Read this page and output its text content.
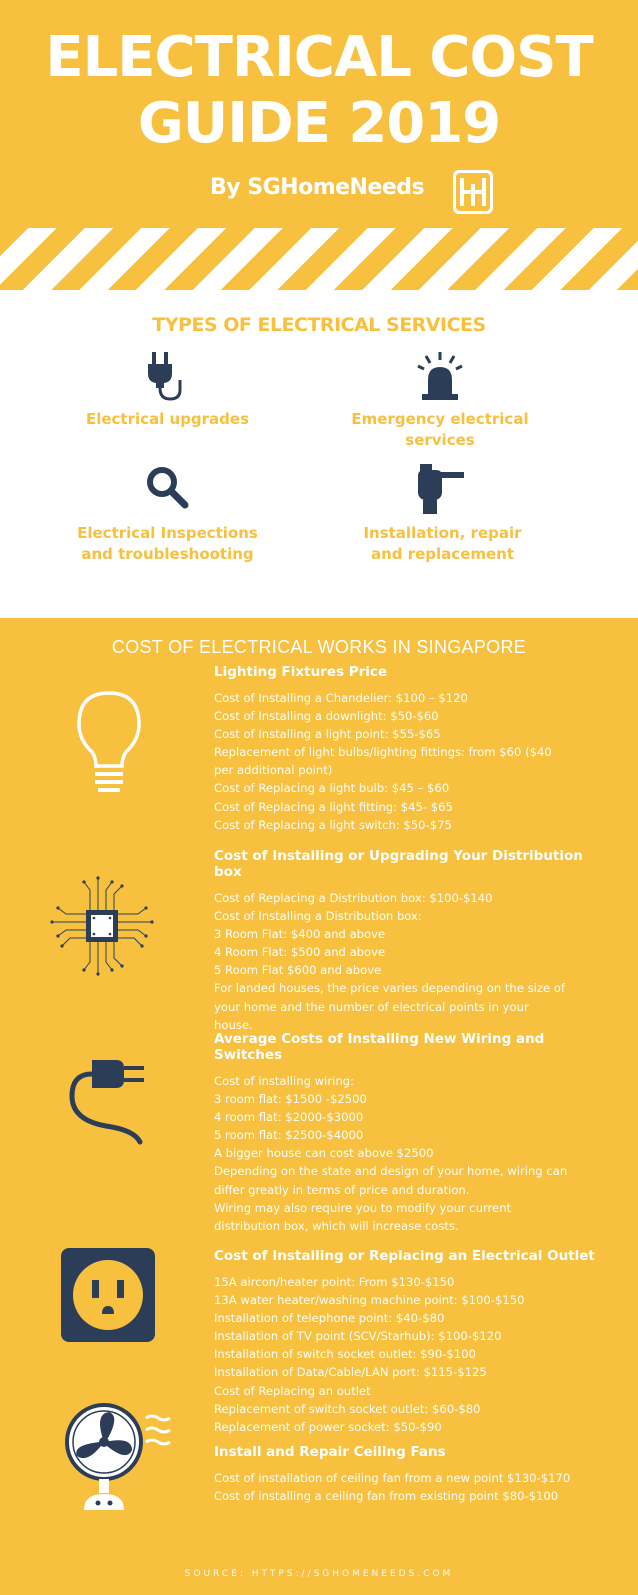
ELECTRICAL COST
GUIDE 2019
By SGHomeNeeds
TYPES OF ELECTRICAL SERVICES
Electrical upgrades	Emergency electrical services
Electrical Inspections and troubleshooting
Installation, repair and replacement
COST OF ELECTRICAL WORKS IN SINGAPORE
Lighting Fixtures Price
Cost of Installing a Chandelier: $100 – $120
Cost of Installing a downlight: $50-$60
Cost of Installing a light point: $55-$65
Replacement of light bulbs/lighting fittings: from $60 ($40
per additional point)
Cost of Replacing a light bulb: $45 – $60
Cost of Replacing a light fitting: $45- $65
Cost of Replacing a light switch: $50-$75
Cost of Installing or Upgrading Your Distribution box
Cost of Replacing a Distribution box: $100-$140
Cost of Installing a Distribution box:
3 Room Flat: $400 and above
4 Room Flat: $500 and above
5 Room Flat $600 and above
For landed houses, the price varies depending on the size of
your home and the number of electrical points in your
house.
Average Costs of Installing New Wiring and Switches
Cost of installing wiring:
3 room flat: $1500 -$2500
4 room flat: $2000-$3000
5 room flat: $2500-$4000
A bigger house can cost above $2500
Depending on the state and design of your home, wiring can
differ greatly in terms of price and duration.
Wiring may also require you to modify your current
distribution box, which will increase costs.
Cost of Installing or Replacing an Electrical Outlet
15A aircon/heater point: From $130-$150
13A water heater/washing machine point: $100-$150
Installation of telephone point: $40-$80
Installation of TV point (SCV/Starhub): $100-$120
Installation of switch socket outlet: $90-$100
Installation of Data/Cable/LAN port: $115-$125
Cost of Replacing an outlet
Replacement of switch socket outlet: $60-$80
Replacement of power socket: $50-$90
Install and Repair Ceiling Fans
Cost of installation of ceiling fan from a new point $130-$170
Cost of installing a ceiling fan from existing point $80-$100
SOURCE: HTTPS://SGHOMENEEDS.COM
